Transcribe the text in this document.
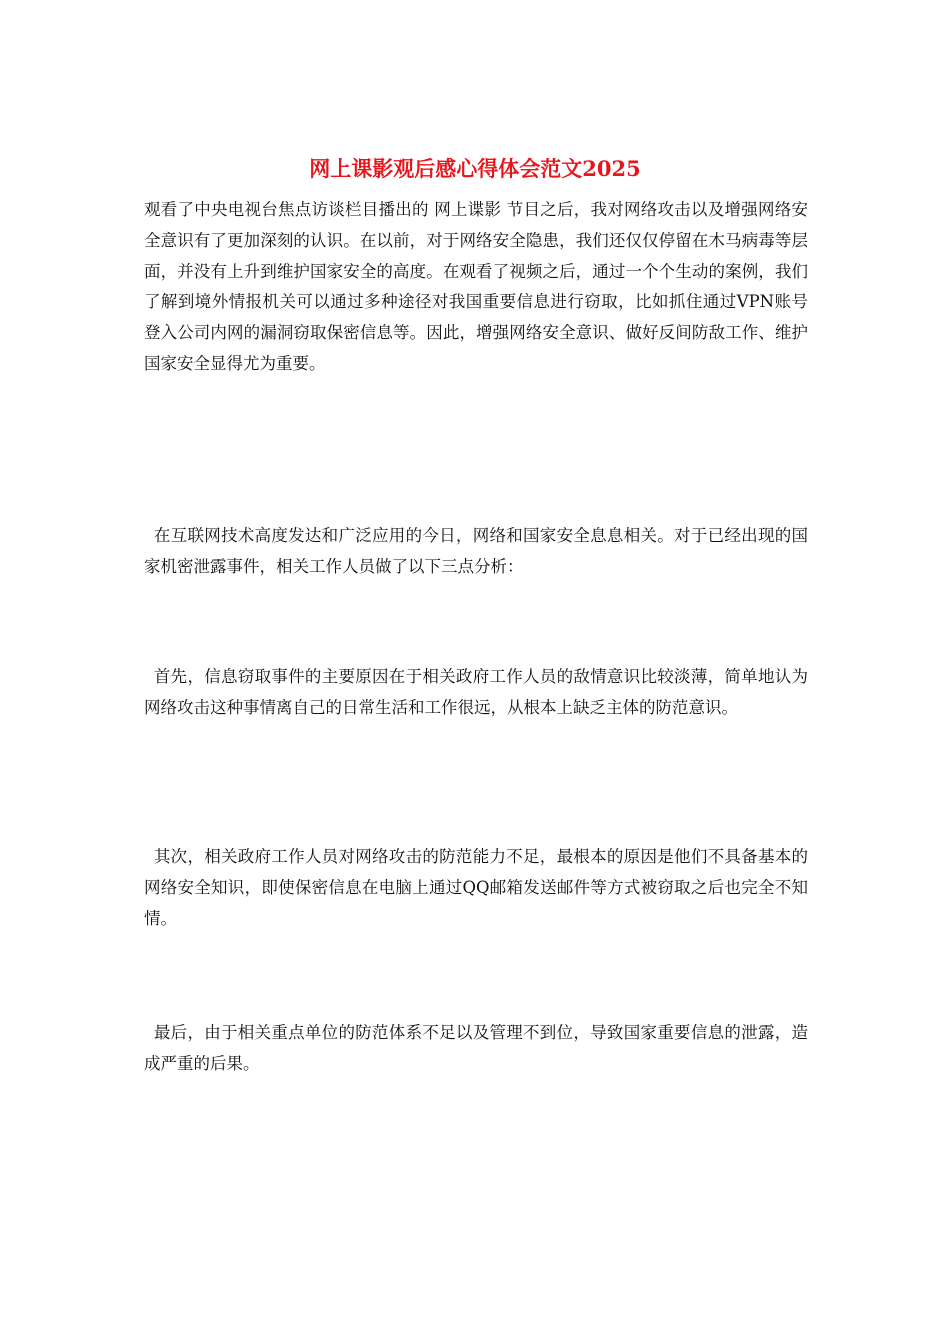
网上课影观后感心得体会范文2025

观看了中央电视台焦点访谈栏目播出的 网上谍影 节目之后，我对网络攻击以及增强网络安全意识有了更加深刻的认识。在以前，对于网络安全隐患，我们还仅仅停留在木马病毒等层面，并没有上升到维护国家安全的高度。在观看了视频之后，通过一个个生动的案例，我们了解到境外情报机关可以通过多种途径对我国重要信息进行窃取，比如抓住通过VPN账号登入公司内网的漏洞窃取保密信息等。因此，增强网络安全意识、做好反间防敌工作、维护国家安全显得尤为重要。

在互联网技术高度发达和广泛应用的今日，网络和国家安全息息相关。对于已经出现的国家机密泄露事件，相关工作人员做了以下三点分析：

首先，信息窃取事件的主要原因在于相关政府工作人员的敌情意识比较淡薄，简单地认为网络攻击这种事情离自己的日常生活和工作很远，从根本上缺乏主体的防范意识。

其次，相关政府工作人员对网络攻击的防范能力不足，最根本的原因是他们不具备基本的网络安全知识，即使保密信息在电脑上通过QQ邮箱发送邮件等方式被窃取之后也完全不知情。

最后，由于相关重点单位的防范体系不足以及管理不到位，导致国家重要信息的泄露，造成严重的后果。
